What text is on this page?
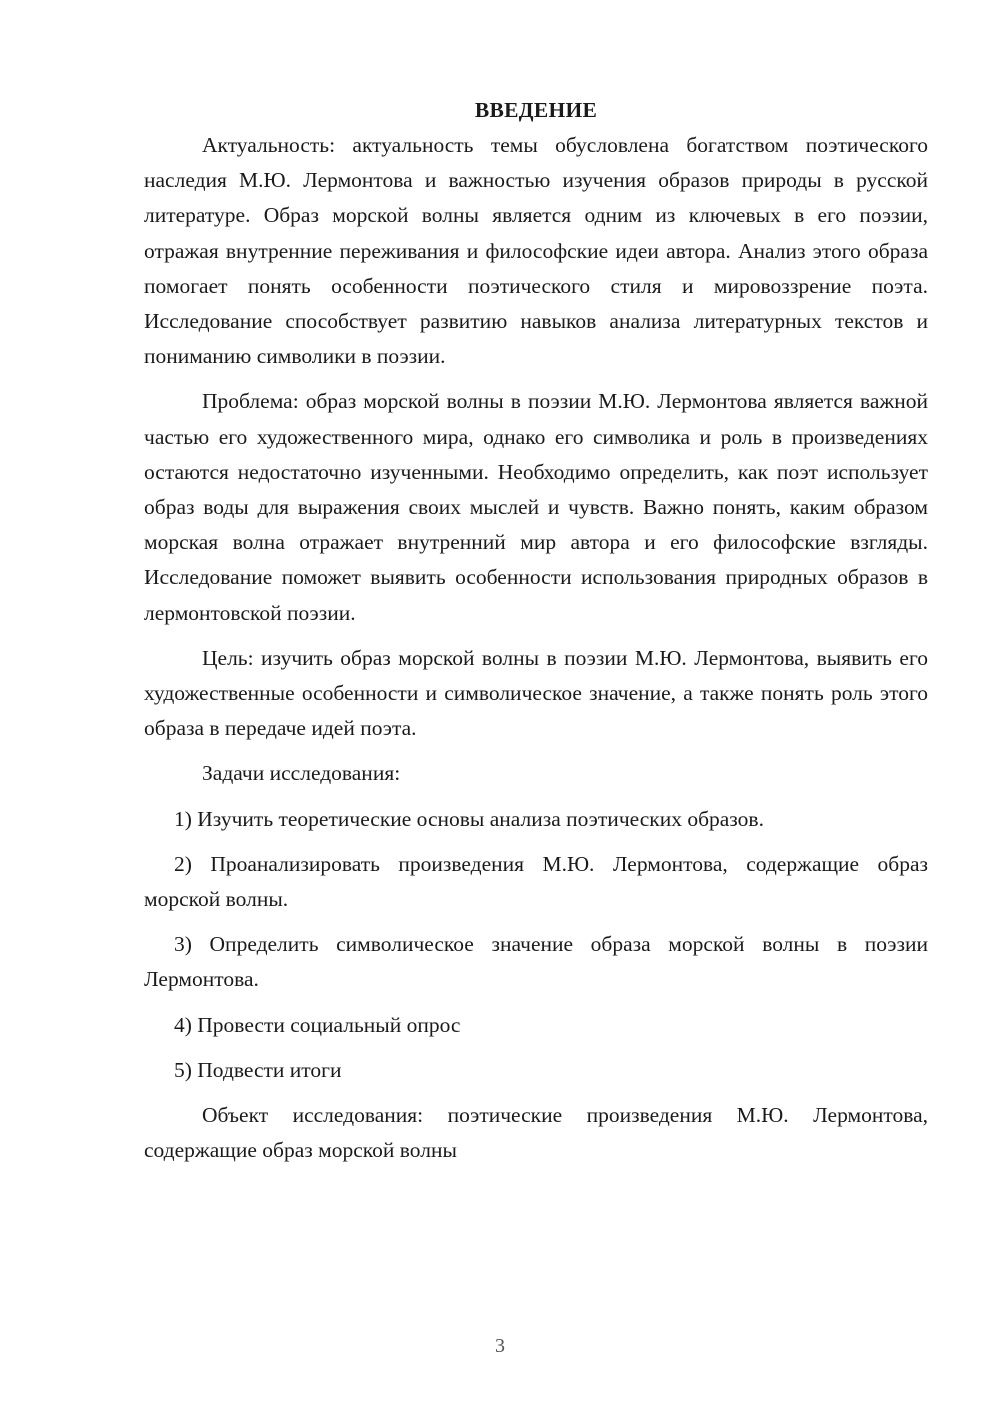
ВВЕДЕНИЕ

Актуальность: актуальность темы обусловлена богатством поэтического наследия М.Ю. Лермонтова и важностью изучения образов природы в русской литературе. Образ морской волны является одним из ключевых в его поэзии, отражая внутренние переживания и философские идеи автора. Анализ этого образа помогает понять особенности поэтического стиля и мировоззрение поэта. Исследование способствует развитию навыков анализа литературных текстов и пониманию символики в поэзии.

Проблема: образ морской волны в поэзии М.Ю. Лермонтова является важной частью его художественного мира, однако его символика и роль в произведениях остаются недостаточно изученными. Необходимо определить, как поэт использует образ воды для выражения своих мыслей и чувств. Важно понять, каким образом морская волна отражает внутренний мир автора и его философские взгляды. Исследование поможет выявить особенности использования природных образов в лермонтовской поэзии.

Цель: изучить образ морской волны в поэзии М.Ю. Лермонтова, выявить его художественные особенности и символическое значение, а также понять роль этого образа в передаче идей поэта.

Задачи исследования:

1) Изучить теоретические основы анализа поэтических образов.

2) Проанализировать произведения М.Ю. Лермонтова, содержащие образ морской волны.

3) Определить символическое значение образа морской волны в поэзии Лермонтова.

4) Провести социальный опрос

5) Подвести итоги

Объект исследования: поэтические произведения М.Ю. Лермонтова, содержащие образ морской волны

3
